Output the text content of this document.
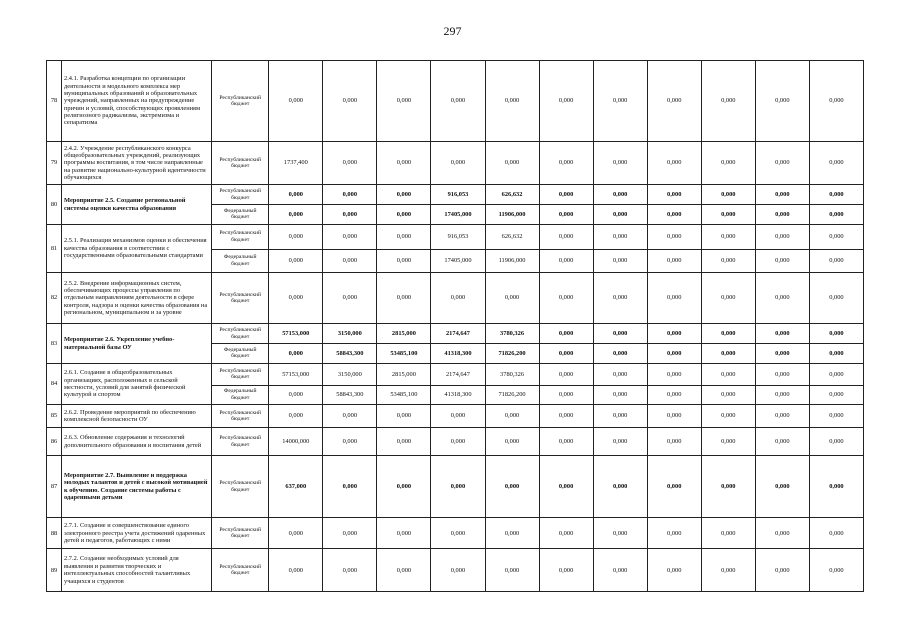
297
78	2.4.1. Разработка концепции по организации деятельности и модельного комплекса мер муниципальных образований и образовательных учреждений, направленных на предупреждение причин и условий, способствующих проявлениям религиозного радикализма, экстремизма и сепаратизма	Республиканский бюджет	0,000	0,000	0,000	0,000	0,000	0,000	0,000	0,000	0,000	0,000	0,000
79	2.4.2. Учреждение республиканского конкурса общеобразовательных учреждений, реализующих программы воспитания, в том числе направленные на развитие национально-культурной идентичности обучающихся	Республиканский бюджет	1737,400	0,000	0,000	0,000	0,000	0,000	0,000	0,000	0,000	0,000	0,000
80	Мероприятие 2.5. Создание региональной системы оценки качества образования	Республиканский бюджет	0,000	0,000	0,000	916,053	626,632	0,000	0,000	0,000	0,000	0,000	0,000
		Федеральный бюджет	0,000	0,000	0,000	17405,000	11906,000	0,000	0,000	0,000	0,000	0,000	0,000
81	2.5.1. Реализация механизмов оценки и обеспечения качества образования в соответствии с государственными образовательными стандартами	Республиканский бюджет	0,000	0,000	0,000	916,053	626,632	0,000	0,000	0,000	0,000	0,000	0,000
		Федеральный бюджет	0,000	0,000	0,000	17405,000	11906,000	0,000	0,000	0,000	0,000	0,000	0,000
82	2.5.2. Внедрение информационных систем, обеспечивающих процессы управления по отдельным направлениям деятельности в сфере контроля, надзора и оценки качества образования на региональном, муниципальном и за уровне	Республиканский бюджет	0,000	0,000	0,000	0,000	0,000	0,000	0,000	0,000	0,000	0,000	0,000
83	Мероприятие 2.6. Укрепление учебно-материальной базы ОУ	Республиканский бюджет	57153,000	3150,000	2815,000	2174,647	3780,326	0,000	0,000	0,000	0,000	0,000	0,000
		Федеральный бюджет	0,000	58843,300	53485,100	41318,300	71826,200	0,000	0,000	0,000	0,000	0,000	0,000
84	2.6.1. Создание в общеобразовательных организациях, расположенных в сельской местности, условий для занятий физической культурой и спортом	Республиканский бюджет	57153,000	3150,000	2815,000	2174,647	3780,326	0,000	0,000	0,000	0,000	0,000	0,000
		Федеральный бюджет	0,000	58843,300	53485,100	41318,300	71826,200	0,000	0,000	0,000	0,000	0,000	0,000
85	2.6.2. Проведение мероприятий по обеспечению комплексной безопасности ОУ	Республиканский бюджет	0,000	0,000	0,000	0,000	0,000	0,000	0,000	0,000	0,000	0,000	0,000
86	2.6.3. Обновление содержания и технологий дополнительного образования и воспитания детей	Республиканский бюджет	14000,000	0,000	0,000	0,000	0,000	0,000	0,000	0,000	0,000	0,000	0,000
87	Мероприятие 2.7. Выявление и поддержка молодых талантов и детей с высокой мотивацией к обучению. Создание системы работы с одаренными детьми	Республиканский бюджет	637,000	0,000	0,000	0,000	0,000	0,000	0,000	0,000	0,000	0,000	0,000
88	2.7.1. Создание и совершенствование единого электронного реестра учета достижений одаренных детей и педагогов, работающих с ними	Республиканский бюджет	0,000	0,000	0,000	0,000	0,000	0,000	0,000	0,000	0,000	0,000	0,000
89	2.7.2. Создание необходимых условий для выявления и развития творческих и интеллектуальных способностей талантливых учащихся и студентов	Республиканский бюджет	0,000	0,000	0,000	0,000	0,000	0,000	0,000	0,000	0,000	0,000	0,000
